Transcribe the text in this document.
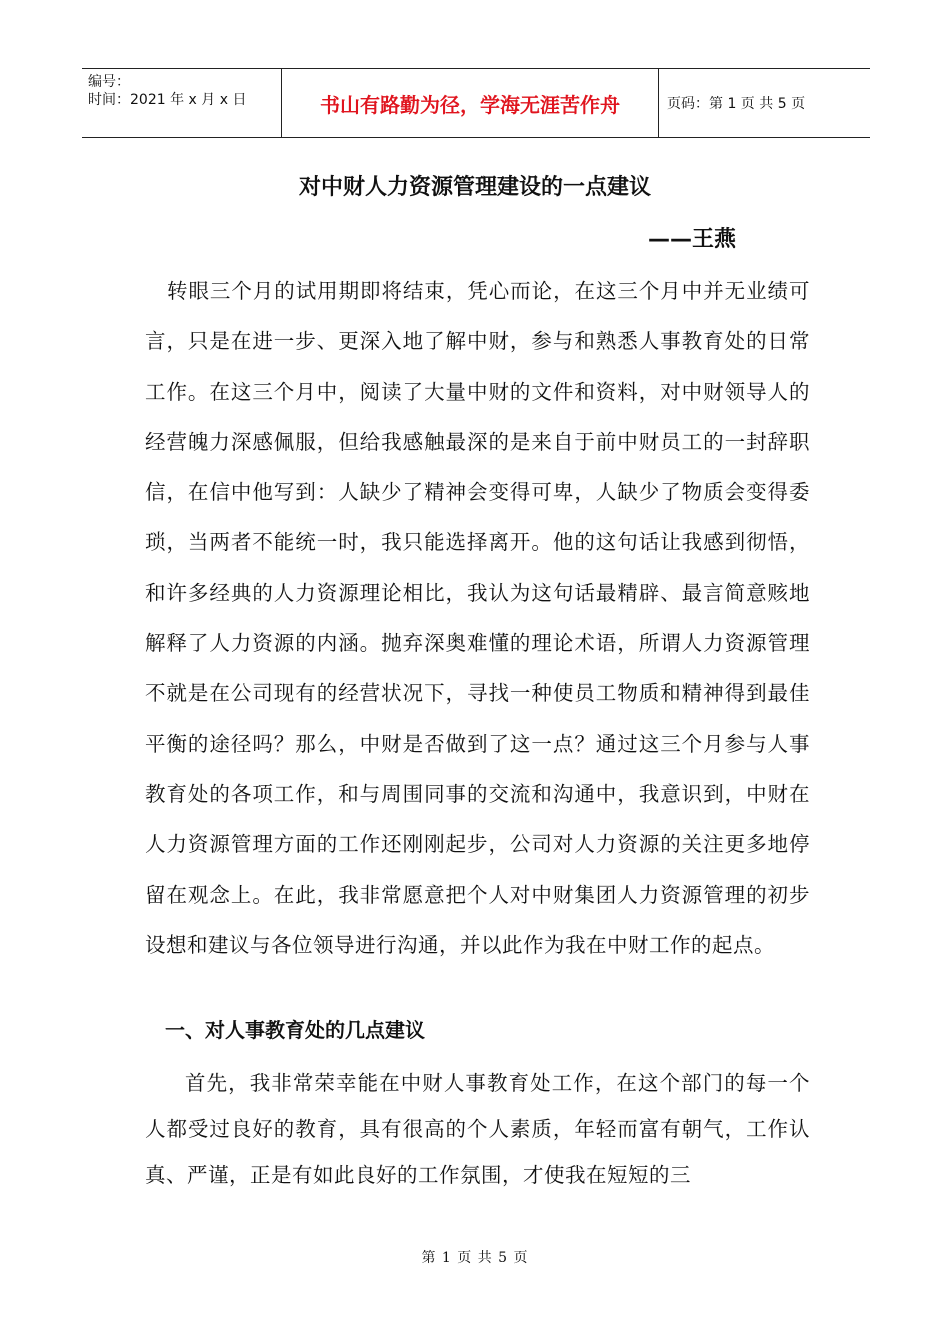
编号：
时间：2021 年 x 月 x 日	书山有路勤为径，学海无涯苦作舟	页码：第 1 页 共 5 页
对中财人力资源管理建设的一点建议
——王燕
转眼三个月的试用期即将结束，凭心而论，在这三个月中并无业绩可言，只是在进一步、更深入地了解中财，参与和熟悉人事教育处的日常工作。在这三个月中，阅读了大量中财的文件和资料，对中财领导人的经营魄力深感佩服，但给我感触最深的是来自于前中财员工的一封辞职信，在信中他写到：人缺少了精神会变得可卑，人缺少了物质会变得委琐，当两者不能统一时，我只能选择离开。他的这句话让我感到彻悟，和许多经典的人力资源理论相比，我认为这句话最精辟、最言简意赅地解释了人力资源的内涵。抛弃深奥难懂的理论术语，所谓人力资源管理不就是在公司现有的经营状况下，寻找一种使员工物质和精神得到最佳平衡的途径吗？那么，中财是否做到了这一点？通过这三个月参与人事教育处的各项工作，和与周围同事的交流和沟通中，我意识到，中财在人力资源管理方面的工作还刚刚起步，公司对人力资源的关注更多地停留在观念上。在此，我非常愿意把个人对中财集团人力资源管理的初步设想和建议与各位领导进行沟通，并以此作为我在中财工作的起点。
一、对人事教育处的几点建议
首先，我非常荣幸能在中财人事教育处工作，在这个部门的每一个人都受过良好的教育，具有很高的个人素质，年轻而富有朝气，工作认真、严谨，正是有如此良好的工作氛围，才使我在短短的三
第 1 页 共 5 页
